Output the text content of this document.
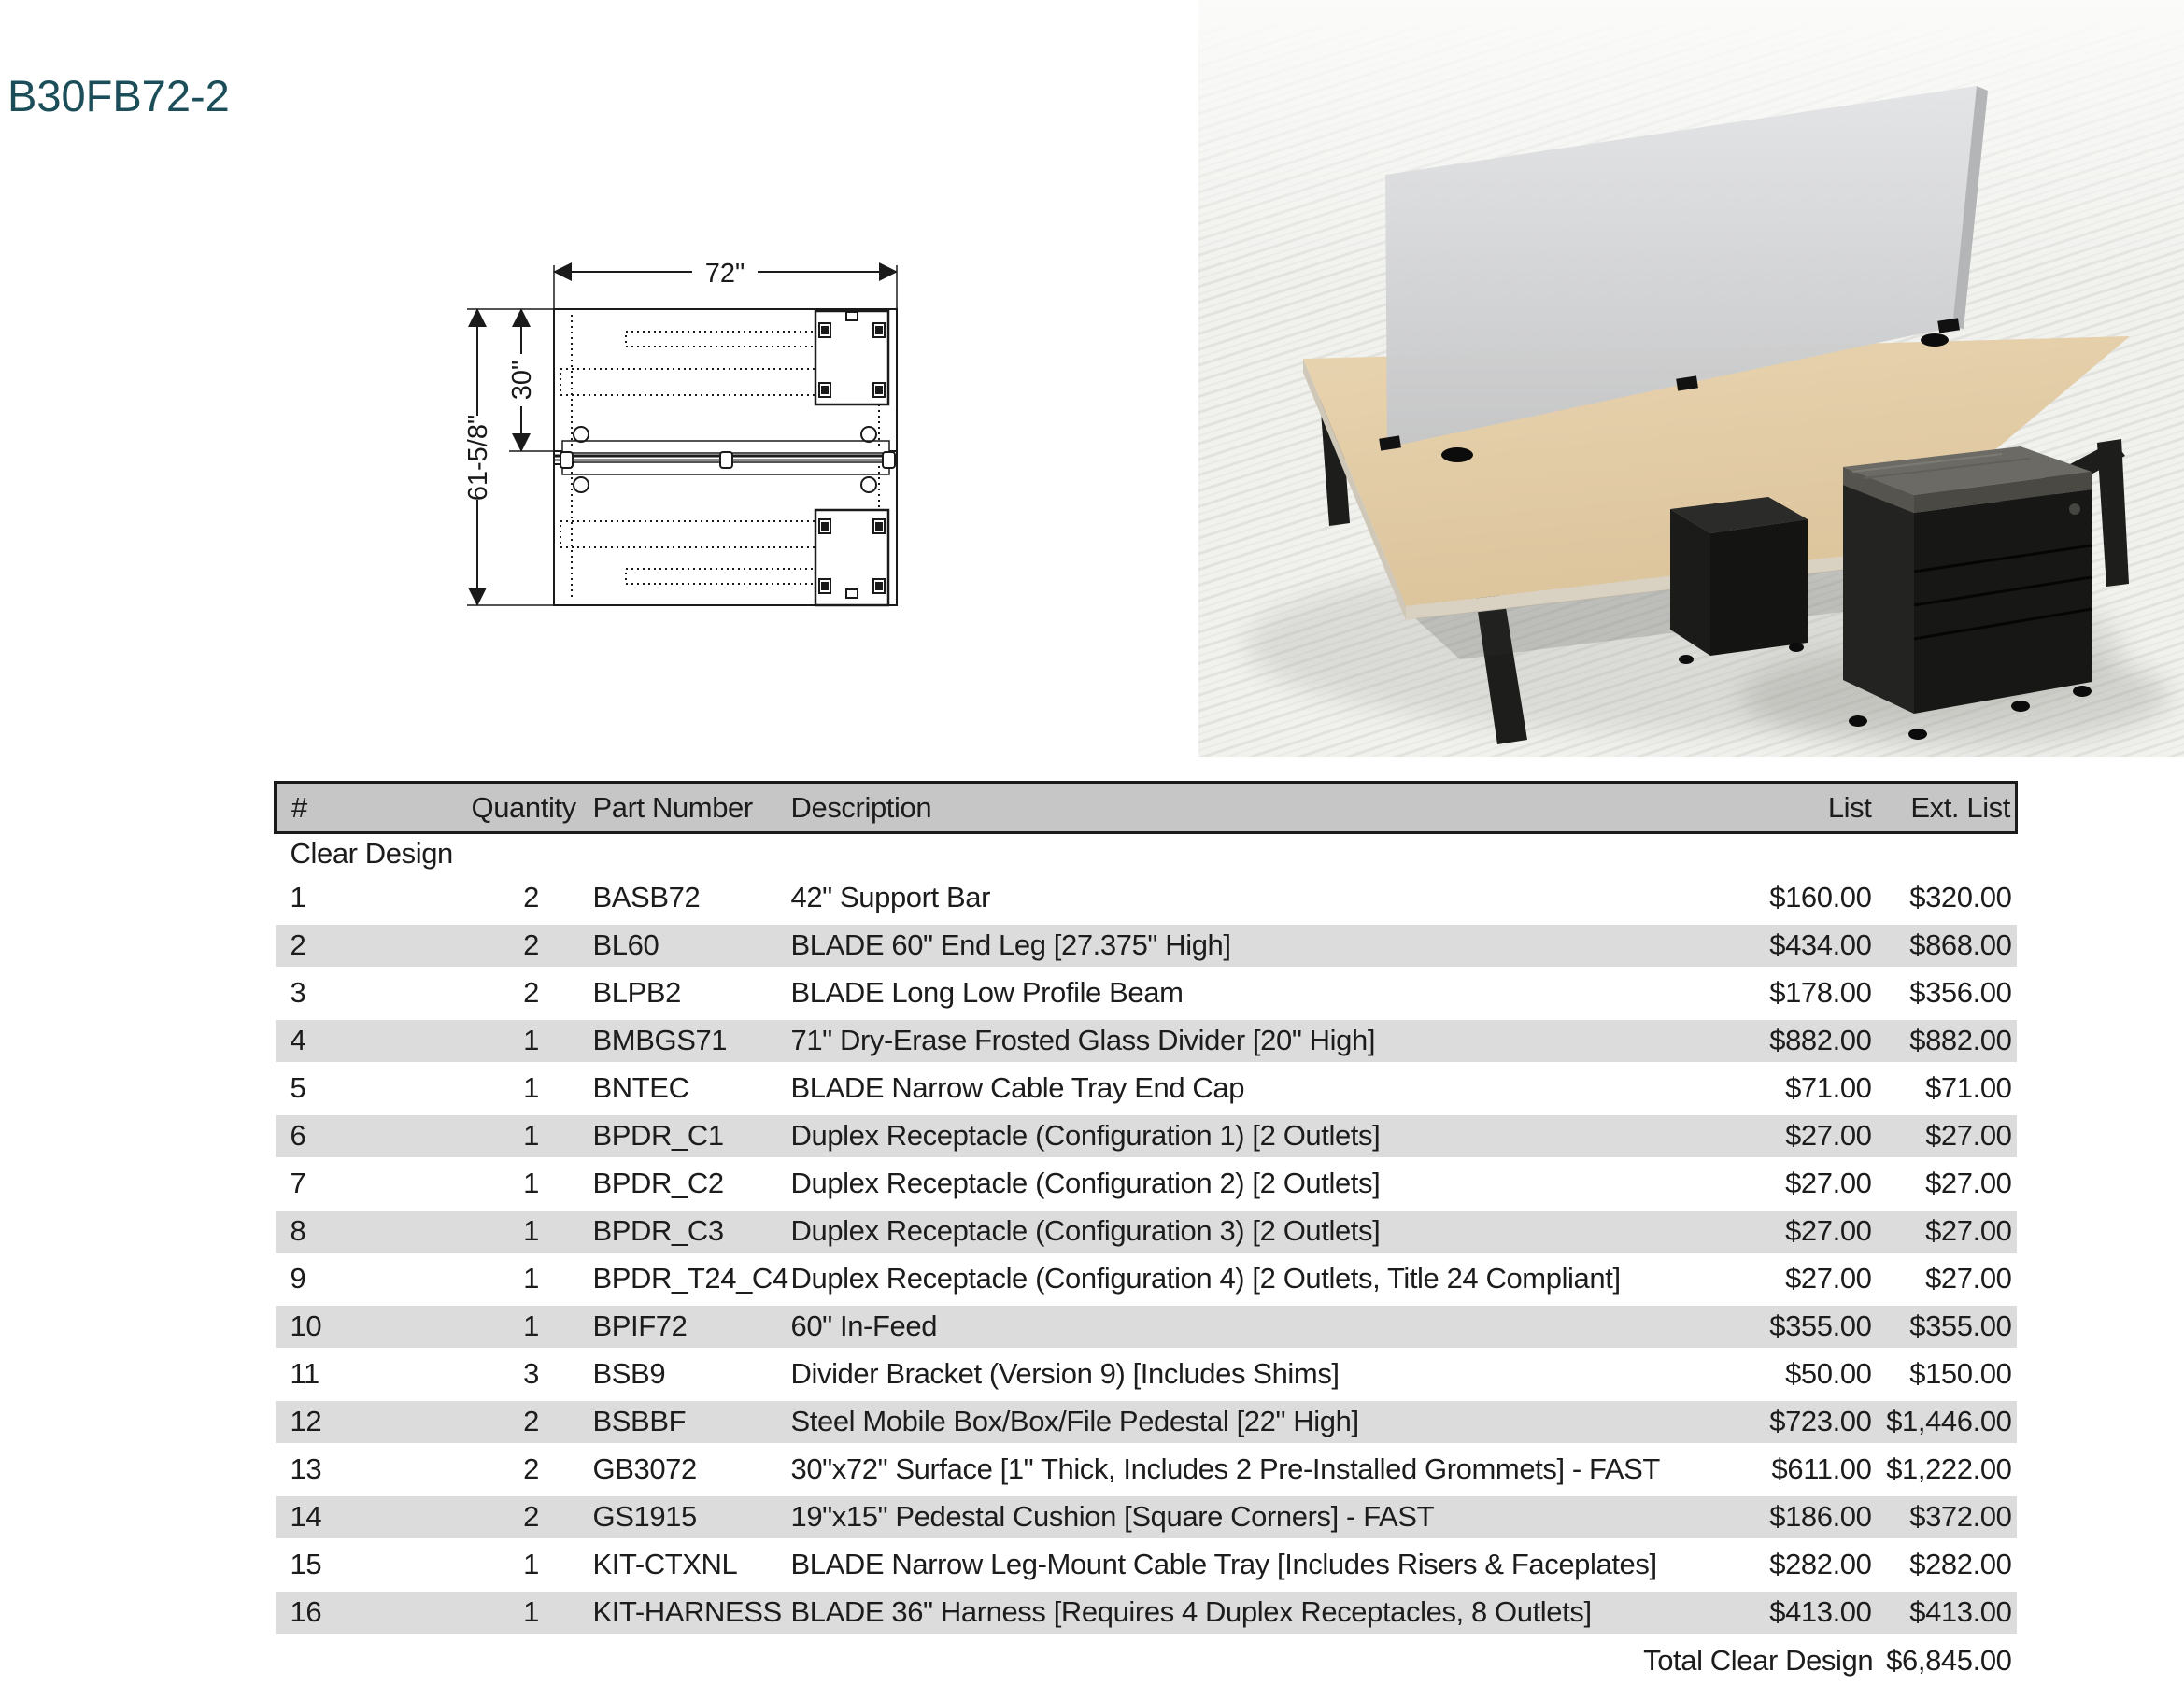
B30FB72-2
72"
61-5/8"
30"
#	Quantity	Part Number	Description	List	Ext. List
Clear Design					
1	2	BASB72	42" Support Bar	$160.00	$320.00
2	2	BL60	BLADE 60" End Leg [27.375" High]	$434.00	$868.00
3	2	BLPB2	BLADE Long Low Profile Beam	$178.00	$356.00
4	1	BMBGS71	71" Dry-Erase Frosted Glass Divider [20" High]	$882.00	$882.00
5	1	BNTEC	BLADE Narrow Cable Tray End Cap	$71.00	$71.00
6	1	BPDR_C1	Duplex Receptacle (Configuration 1) [2 Outlets]	$27.00	$27.00
7	1	BPDR_C2	Duplex Receptacle (Configuration 2) [2 Outlets]	$27.00	$27.00
8	1	BPDR_C3	Duplex Receptacle (Configuration 3) [2 Outlets]	$27.00	$27.00
9	1	BPDR_T24_C4	Duplex Receptacle (Configuration 4) [2 Outlets, Title 24 Compliant]	$27.00	$27.00
10	1	BPIF72	60" In-Feed	$355.00	$355.00
11	3	BSB9	Divider Bracket (Version 9) [Includes Shims]	$50.00	$150.00
12	2	BSBBF	Steel Mobile Box/Box/File Pedestal [22" High]	$723.00	$1,446.00
13	2	GB3072	30"x72" Surface [1" Thick, Includes 2 Pre-Installed Grommets] - FAST	$611.00	$1,222.00
14	2	GS1915	19"x15" Pedestal Cushion [Square Corners] - FAST	$186.00	$372.00
15	1	KIT-CTXNL	BLADE Narrow Leg-Mount Cable Tray [Includes Risers & Faceplates]	$282.00	$282.00
16	1	KIT-HARNESS	BLADE 36" Harness [Requires 4 Duplex Receptacles, 8 Outlets]	$413.00	$413.00
Total Clear Design $6,845.00					
